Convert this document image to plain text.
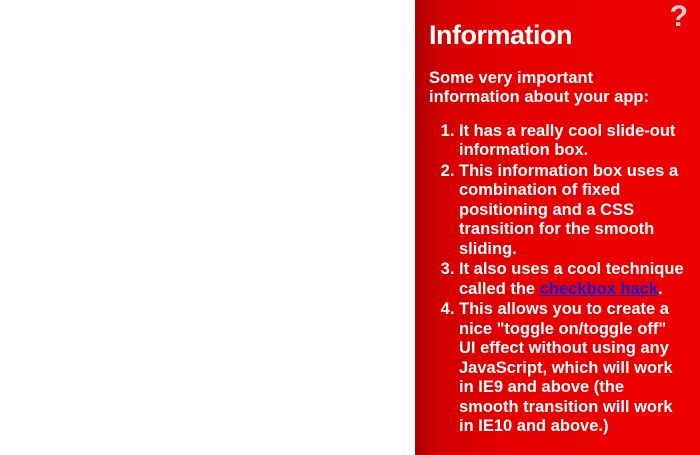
?
Information

Some very important information about your app:

1. It has a really cool slide-out information box.
2. This information box uses a combination of fixed positioning and a CSS transition for the smooth sliding.
3. It also uses a cool technique called the checkbox hack.
4. This allows you to create a nice "toggle on/toggle off" UI effect without using any JavaScript, which will work in IE9 and above (the smooth transition will work in IE10 and above.)
